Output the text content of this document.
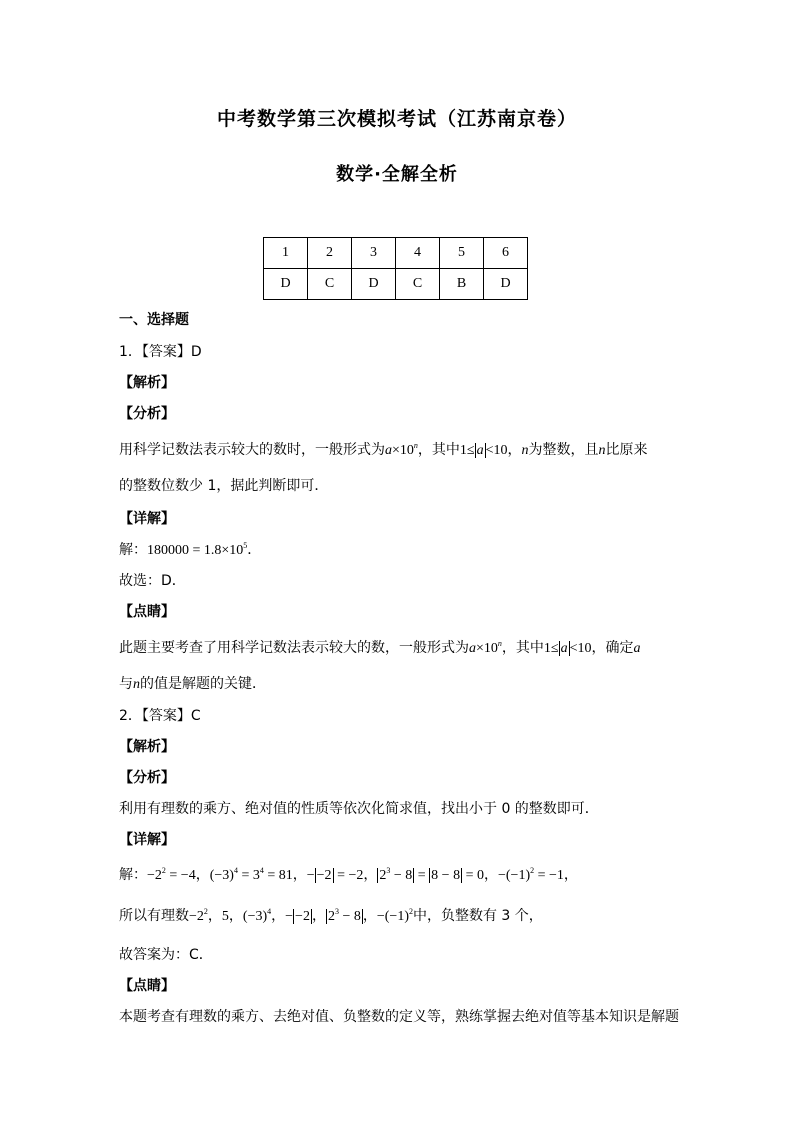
中考数学第三次模拟考试（江苏南京卷）
数学·全解全析
1	2	3	4	5	6
D	C	D	C	B	D
一、选择题
1．【答案】D
【解析】
【分析】
用科学记数法表示较大的数时，一般形式为$a\times 10^n$，其中1≤ a <10，n为整数，且n比原来
的整数位数少 1，据此判断即可．
【详解】
解：$180000 = 1.8\times 10^5$．
故选：D．
【点睛】
此题主要考查了用科学记数法表示较大的数，一般形式为$a\times 10^n$，其中1≤ a <10，确定a
与n的值是解题的关键．
2．【答案】C
【解析】
【分析】
利用有理数的乘方、绝对值的性质等依次化简求值，找出小于 0 的整数即可．
【详解】
解：$-2^2 = -4$，$(-3)^4 = 3^4 = 81$，− −2 = −2， $2^3 - 8 = 8 - 8 = 0$，$-(-1)^2 = -1$，
所以有理数$-2^2$，5，$(-3)^4$，− −2 ， $2^3 - 8$ ，$-(-1)^2$中，负整数有 3 个，
故答案为：C．
【点睛】
本题考查有理数的乘方、去绝对值、负整数的定义等，熟练掌握去绝对值等基本知识是解题
